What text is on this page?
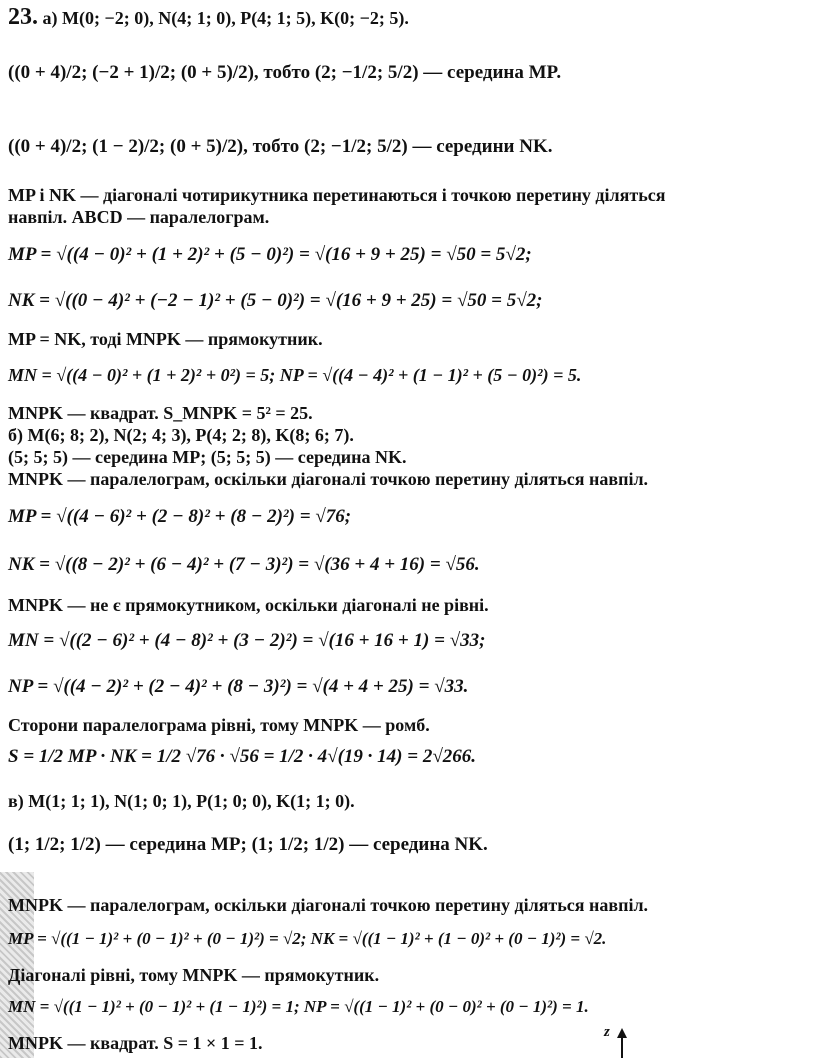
23. а) M(0; −2; 0), N(4; 1; 0), P(4; 1; 5), K(0; −2; 5).
((0 + 4)/2; (−2 + 1)/2; (0 + 5)/2), тобто (2; −1/2; 5/2) — середина MP.
((0 + 4)/2; (1 − 2)/2; (0 + 5)/2), тобто (2; −1/2; 5/2) — середини NK.
MP і NK — діагоналі чотирикутника перетинаються і точкою перетину діляться
навпіл. ABCD — паралелограм.
MP = √((4 − 0)² + (1 + 2)² + (5 − 0)²) = √(16 + 9 + 25) = √50 = 5√2;
NK = √((0 − 4)² + (−2 − 1)² + (5 − 0)²) = √(16 + 9 + 25) = √50 = 5√2;
MP = NK, тоді MNPK — прямокутник.
MN = √((4 − 0)² + (1 + 2)² + 0²) = 5; NP = √((4 − 4)² + (1 − 1)² + (5 − 0)²) = 5.
MNPK — квадрат. S_MNPK = 5² = 25.
б) M(6; 8; 2), N(2; 4; 3), P(4; 2; 8), K(8; 6; 7).
(5; 5; 5) — середина MP; (5; 5; 5) — середина NK.
MNPK — паралелограм, оскільки діагоналі точкою перетину діляться навпіл.
MP = √((4 − 6)² + (2 − 8)² + (8 − 2)²) = √76;
NK = √((8 − 2)² + (6 − 4)² + (7 − 3)²) = √(36 + 4 + 16) = √56.
MNPK — не є прямокутником, оскільки діагоналі не рівні.
MN = √((2 − 6)² + (4 − 8)² + (3 − 2)²) = √(16 + 16 + 1) = √33;
NP = √((4 − 2)² + (2 − 4)² + (8 − 3)²) = √(4 + 4 + 25) = √33.
Сторони паралелограма рівні, тому MNPK — ромб.
S = 1/2 MP · NK = 1/2 √76 · √56 = 1/2 · 4√(19 · 14) = 2√266.
в) M(1; 1; 1), N(1; 0; 1), P(1; 0; 0), K(1; 1; 0).
(1; 1/2; 1/2) — середина MP; (1; 1/2; 1/2) — середина NK.
MNPK — паралелограм, оскільки діагоналі точкою перетину діляться навпіл.
MP = √((1 − 1)² + (0 − 1)² + (0 − 1)²) = √2; NK = √((1 − 1)² + (1 − 0)² + (0 − 1)²) = √2.
Діагоналі рівні, тому MNPK — прямокутник.
MN = √((1 − 1)² + (0 − 1)² + (1 − 1)²) = 1; NP = √((1 − 1)² + (0 − 0)² + (0 − 1)²) = 1.
MNPK — квадрат. S = 1 × 1 = 1.
z
